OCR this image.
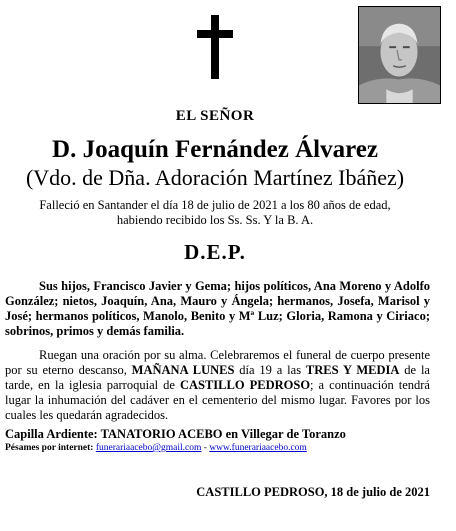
EL SEÑOR
D. Joaquín Fernández Álvarez
(Vdo. de Dña. Adoración Martínez Ibáñez)
Falleció en Santander el día 18 de julio de 2021 a los 80 años de edad,
habiendo recibido los Ss. Ss. Y la B. A.
D.E.P.
Sus hijos, Francisco Javier y Gema; hijos políticos, Ana Moreno y Adolfo González; nietos, Joaquín, Ana, Mauro y Ángela; hermanos, Josefa, Marisol y José; hermanos políticos, Manolo, Benito y Mª Luz; Gloria, Ramona y Ciriaco; sobrinos, primos y demás familia.
Ruegan una oración por su alma. Celebraremos el funeral de cuerpo presente por su eterno descanso, MAÑANA LUNES día 19 a las TRES Y MEDIA de la tarde, en la iglesia parroquial de CASTILLO PEDROSO; a continuación tendrá lugar la inhumación del cadáver en el cementerio del mismo lugar. Favores por los cuales les quedarán agradecidos.
Capilla Ardiente: TANATORIO ACEBO en Villegar de Toranzo
Pésames por internet: funerariaacebo@gmail.com - www.funerariaacebo.com
CASTILLO PEDROSO, 18 de julio de 2021
